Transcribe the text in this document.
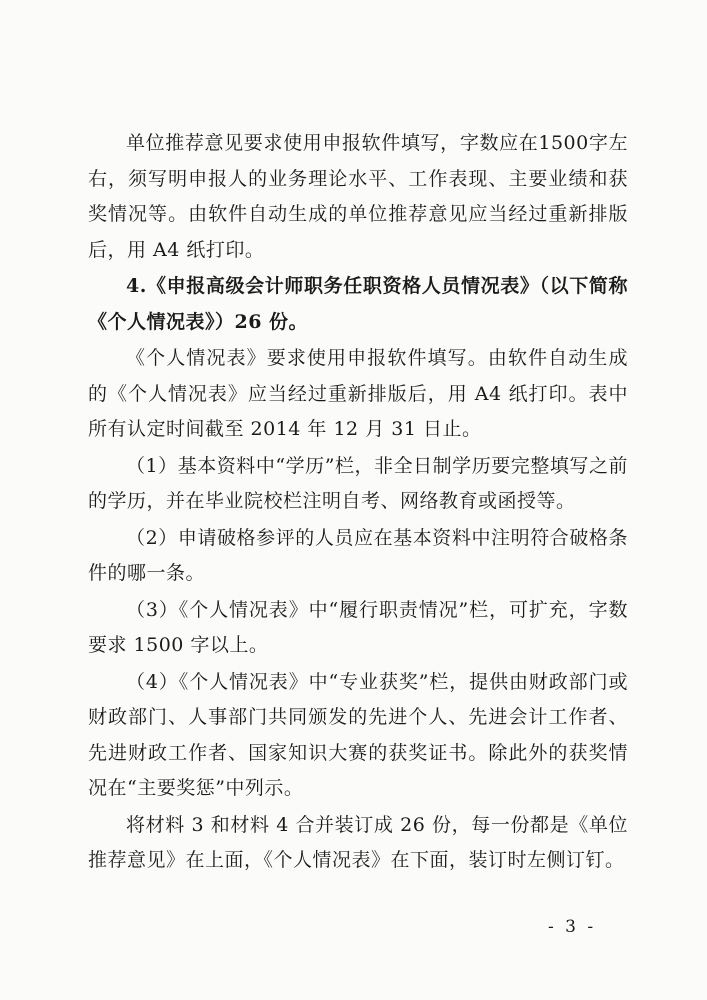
单位推荐意见要求使用申报软件填写，字数应在1500字左右，须写明申报人的业务理论水平、工作表现、主要业绩和获奖情况等。由软件自动生成的单位推荐意见应当经过重新排版后，用 A4 纸打印。

4.《申报高级会计师职务任职资格人员情况表》（以下简称《个人情况表》）26 份。

《个人情况表》要求使用申报软件填写。由软件自动生成的《个人情况表》应当经过重新排版后，用 A4 纸打印。表中所有认定时间截至 2014 年 12 月 31 日止。

（1）基本资料中“学历”栏，非全日制学历要完整填写之前的学历，并在毕业院校栏注明自考、网络教育或函授等。

（2）申请破格参评的人员应在基本资料中注明符合破格条件的哪一条。

（3）《个人情况表》中“履行职责情况”栏，可扩充，字数要求 1500 字以上。

（4）《个人情况表》中“专业获奖”栏，提供由财政部门或财政部门、人事部门共同颁发的先进个人、先进会计工作者、先进财政工作者、国家知识大赛的获奖证书。除此外的获奖情况在“主要奖惩”中列示。

将材料 3 和材料 4 合并装订成 26 份，每一份都是《单位推荐意见》在上面，《个人情况表》在下面，装订时左侧订钉。

- 3 -
